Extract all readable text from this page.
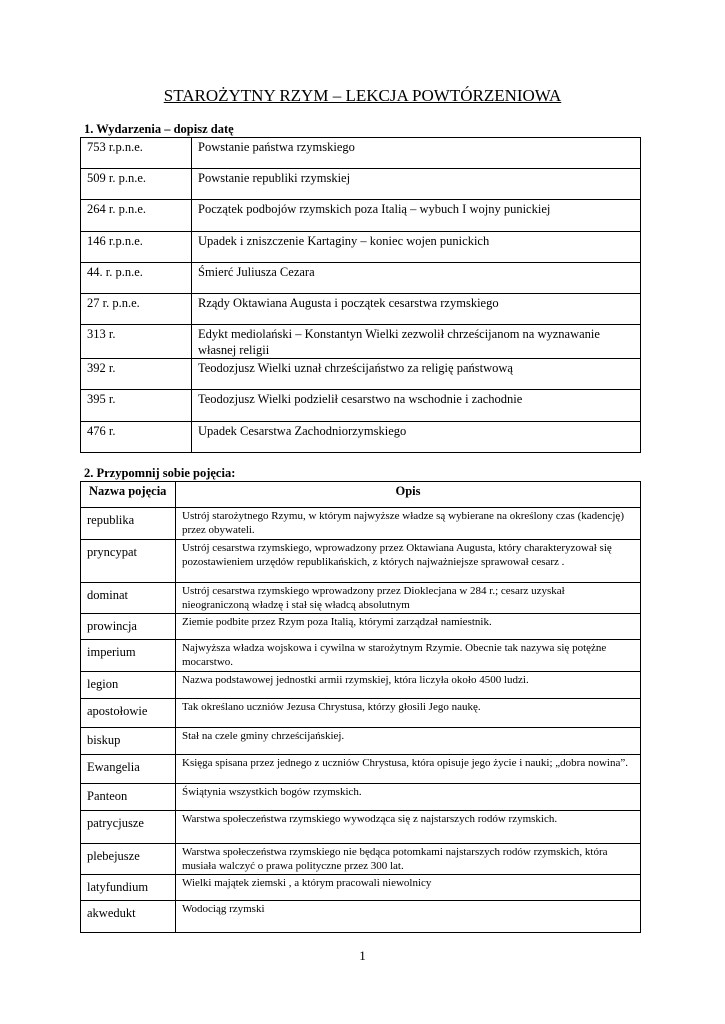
STAROŻYTNY RZYM – LEKCJA POWTÓRZENIOWA
1. Wydarzenia – dopisz datę
753 r.p.n.e.	Powstanie państwa rzymskiego
509 r. p.n.e.	Powstanie republiki rzymskiej
264 r. p.n.e.	Początek podbojów rzymskich poza Italią – wybuch I wojny punickiej
146 r.p.n.e.	Upadek i zniszczenie Kartaginy – koniec wojen punickich
44. r. p.n.e.	Śmierć Juliusza Cezara
27 r. p.n.e.	Rządy Oktawiana Augusta i początek cesarstwa rzymskiego
313 r.	Edykt mediolański – Konstantyn Wielki zezwolił chrześcijanom na wyznawanie własnej religii
392 r.	Teodozjusz Wielki uznał chrześcijaństwo za religię państwową
395 r.	Teodozjusz Wielki podzielił cesarstwo na wschodnie i zachodnie
476 r.	Upadek Cesarstwa Zachodniorzymskiego
2. Przypomnij sobie pojęcia:
Nazwa pojęcia	Opis
republika	Ustrój starożytnego Rzymu, w którym najwyższe władze są wybierane na określony czas (kadencję) przez obywateli.
pryncypat	Ustrój cesarstwa rzymskiego, wprowadzony przez Oktawiana Augusta, który charakteryzował się pozostawieniem urzędów republikańskich, z których najważniejsze sprawował cesarz .
dominat	Ustrój cesarstwa rzymskiego wprowadzony przez Dioklecjana w 284 r.; cesarz uzyskał nieograniczoną władzę i stał się władcą absolutnym
prowincja	Ziemie podbite przez Rzym poza Italią, którymi zarządzał namiestnik.
imperium	Najwyższa władza wojskowa i cywilna w starożytnym Rzymie. Obecnie tak nazywa się potężne mocarstwo.
legion	Nazwa podstawowej jednostki armii rzymskiej, która liczyła około 4500 ludzi.
apostołowie	Tak określano uczniów Jezusa Chrystusa, którzy głosili Jego naukę.
biskup	Stał na czele gminy chrześcijańskiej.
Ewangelia	Księga spisana przez jednego z uczniów Chrystusa, która opisuje jego życie i nauki; „dobra nowina”.
Panteon	Świątynia wszystkich bogów rzymskich.
patrycjusze	Warstwa społeczeństwa rzymskiego wywodząca się z najstarszych rodów rzymskich.
plebejusze	Warstwa społeczeństwa rzymskiego nie będąca potomkami najstarszych rodów rzymskich, która musiała walczyć o prawa polityczne przez 300 lat.
latyfundium	Wielki majątek ziemski , a którym pracowali niewolnicy
akwedukt	Wodociąg rzymski
1
